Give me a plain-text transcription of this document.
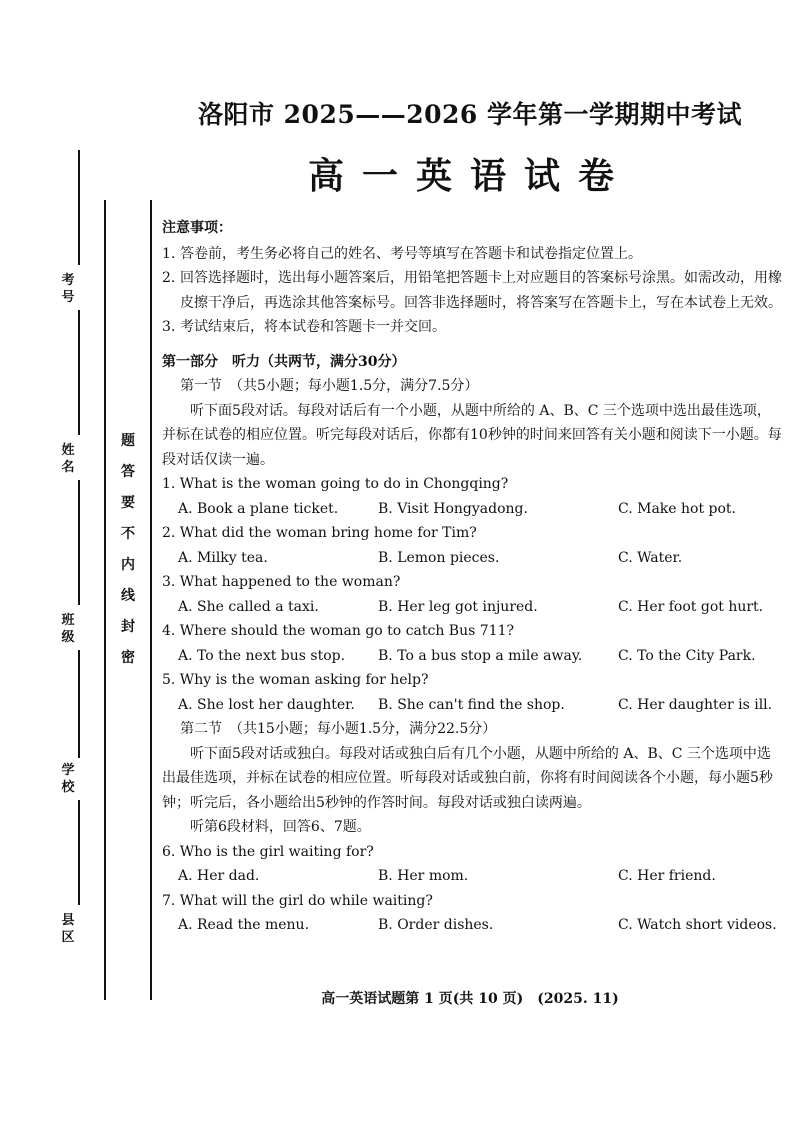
考号
姓名
班级
学校
县区
题
答
要
不
内
线
封
密
洛阳市 2025——2026 学年第一学期期中考试
高一英语试卷

注意事项：

1. 答卷前，考生务必将自己的姓名、考号等填写在答题卡和试卷指定位置上。
2. 回答选择题时，选出每小题答案后，用铅笔把答题卡上对应题目的答案标号涂黑。如需改动，用橡皮擦干净后，再选涂其他答案标号。回答非选择题时，将答案写在答题卡上，写在本试卷上无效。
3. 考试结束后，将本试卷和答题卡一并交回。

第一部分　听力（共两节，满分30分）

第一节　（共5小题；每小题1.5分，满分7.5分）

听下面5段对话。每段对话后有一个小题，从题中所给的 A、B、C 三个选项中选出最佳选项，并标在试卷的相应位置。听完每段对话后，你都有10秒钟的时间来回答有关小题和阅读下一小题。每段对话仅读一遍。

1. What is the woman going to do in Chongqing?
A. Book a plane ticket.	B. Visit Hongyadong.	C. Make hot pot.
2. What did the woman bring home for Tim?
A. Milky tea.	B. Lemon pieces.	C. Water.
3. What happened to the woman?
A. She called a taxi.	B. Her leg got injured.	C. Her foot got hurt.
4. Where should the woman go to catch Bus 711?
A. To the next bus stop.	B. To a bus stop a mile away.	C. To the City Park.
5. Why is the woman asking for help?
A. She lost her daughter.	B. She can't find the shop.	C. Her daughter is ill.

第二节　（共15小题；每小题1.5分，满分22.5分）

听下面5段对话或独白。每段对话或独白后有几个小题，从题中所给的 A、B、C 三个选项中选出最佳选项，并标在试卷的相应位置。听每段对话或独白前，你将有时间阅读各个小题，每小题5秒钟；听完后，各小题给出5秒钟的作答时间。每段对话或独白读两遍。

听第6段材料，回答6、7题。

6. Who is the girl waiting for?
A. Her dad.	B. Her mom.	C. Her friend.
7. What will the girl do while waiting?
A. Read the menu.	B. Order dishes.	C. Watch short videos.
高一英语试题第 1 页(共 10 页)　(2025. 11)
